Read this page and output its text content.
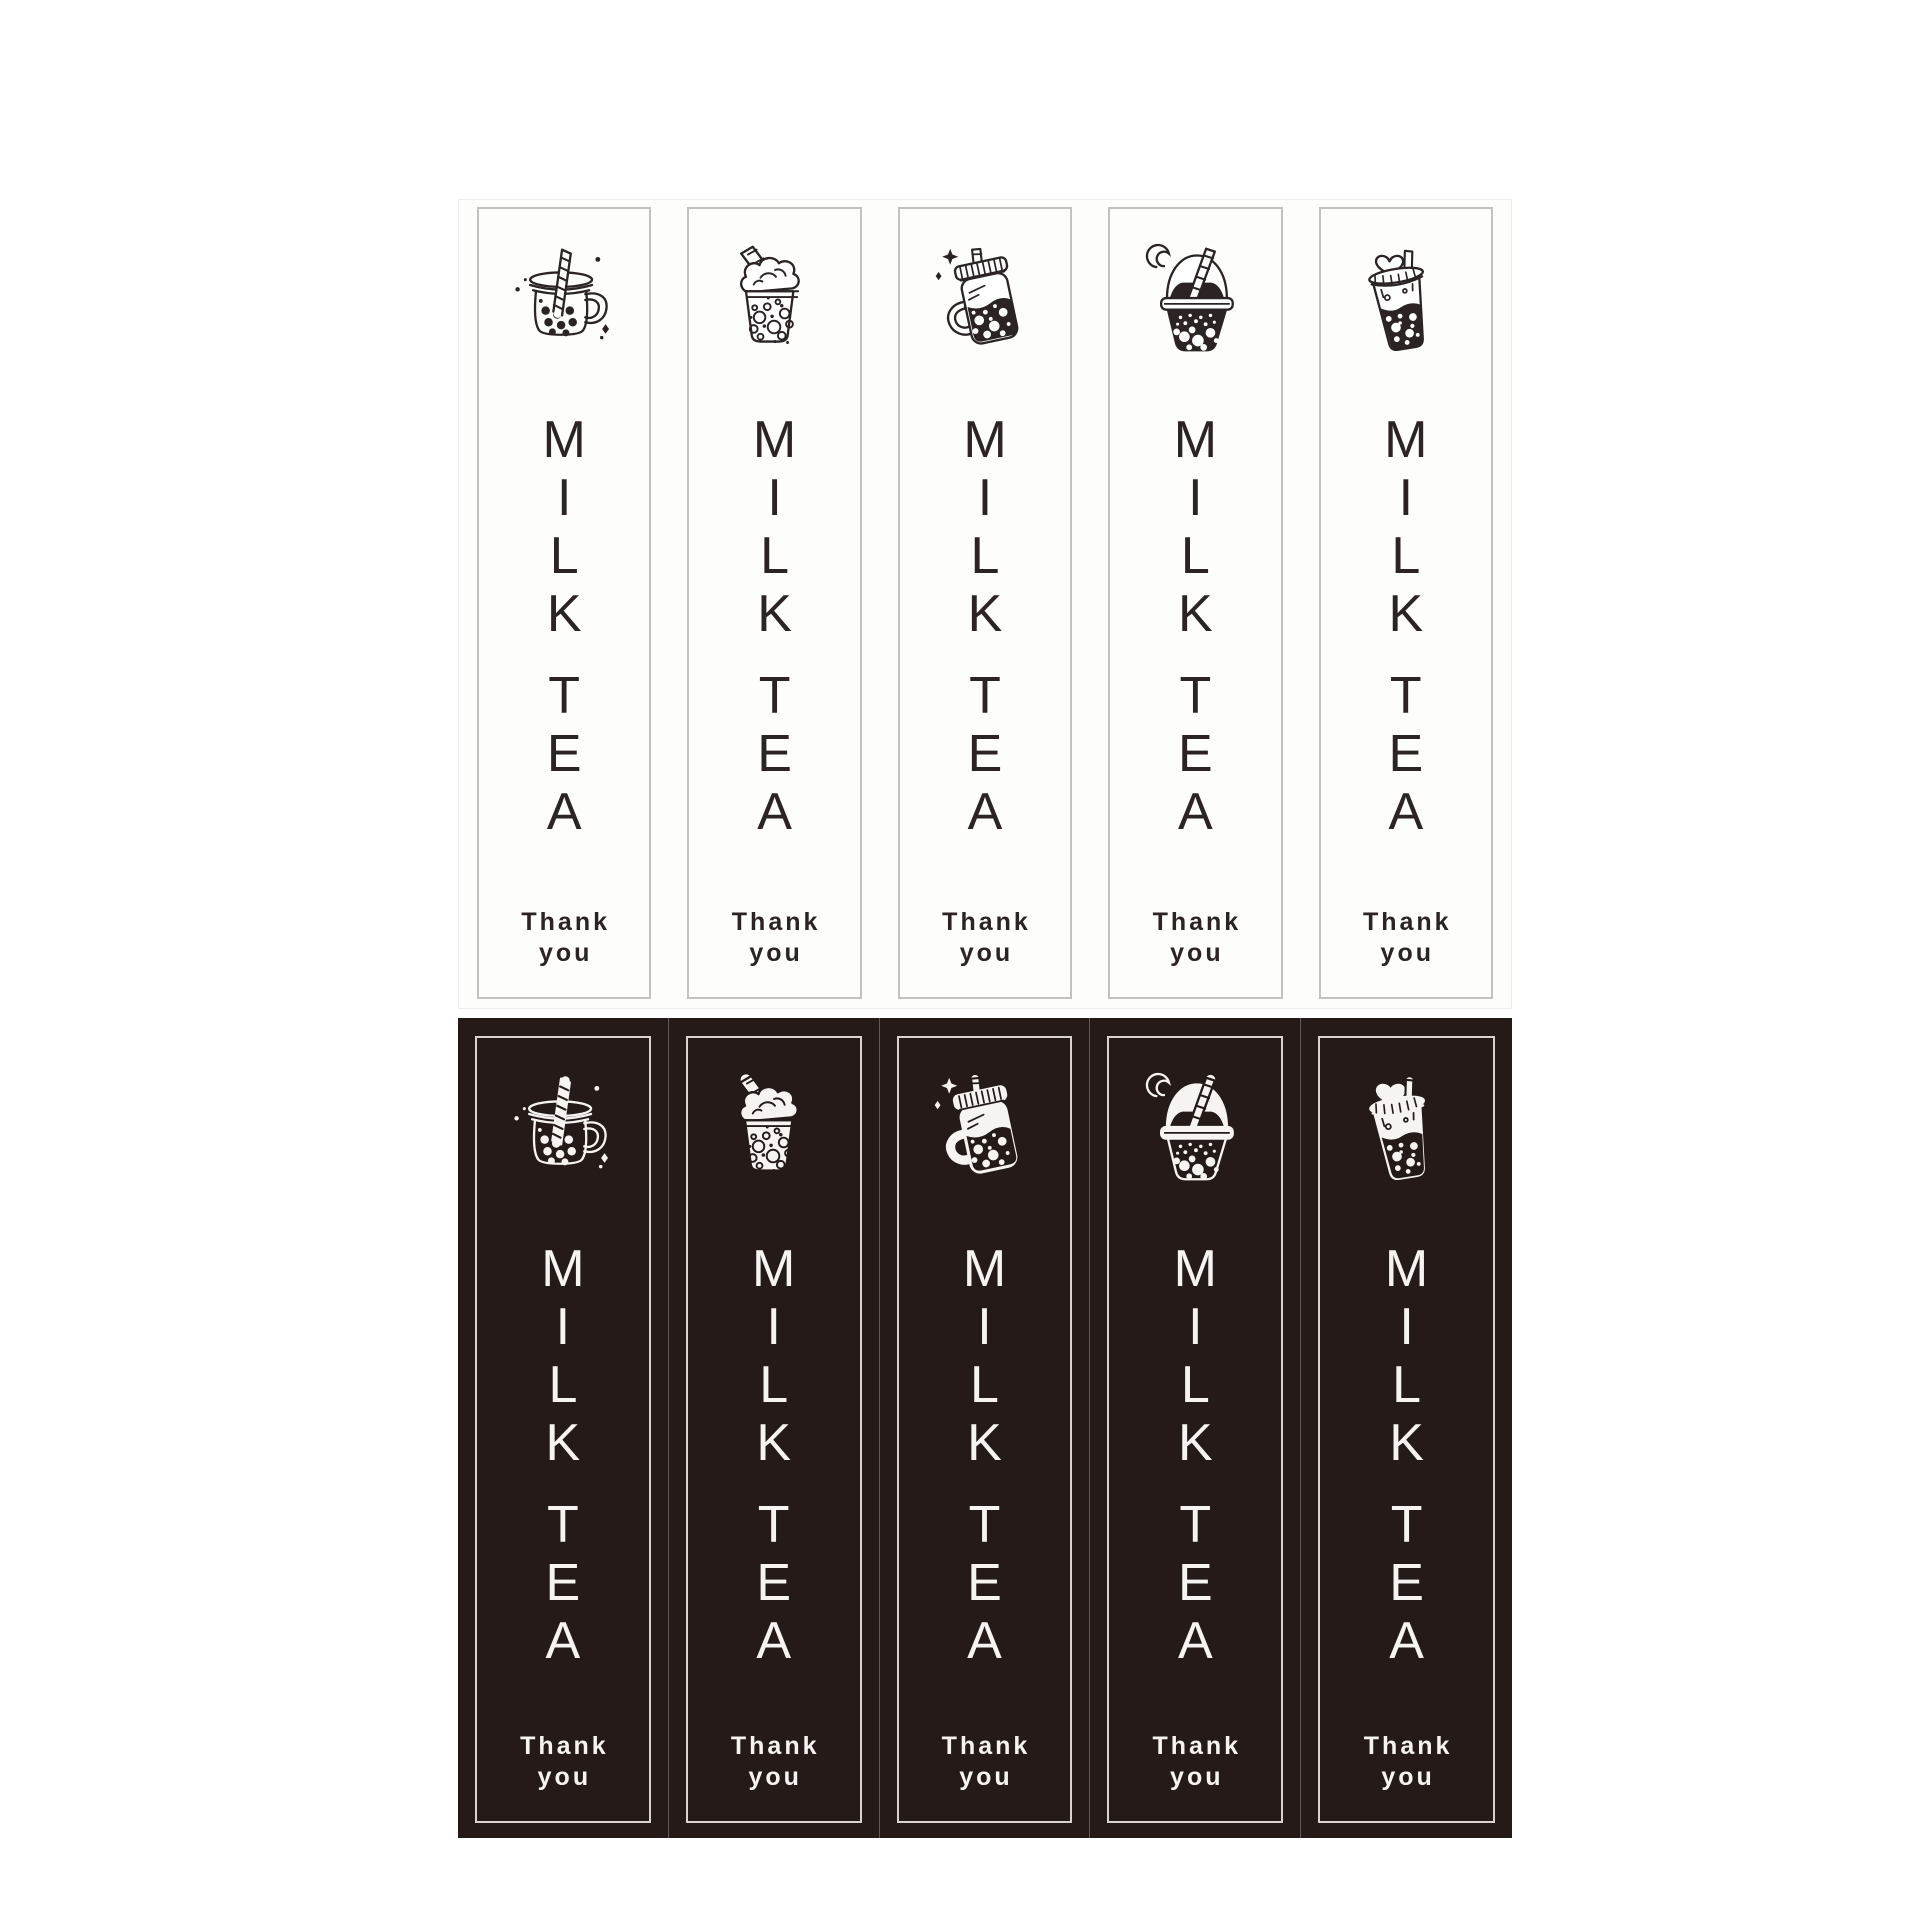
M
I
L
K
T
E
A
Thank
you
M
I
L
K
T
E
A
Thank
you
M
I
L
K
T
E
A
Thank
you
M
I
L
K
T
E
A
Thank
you
M
I
L
K
T
E
A
Thank
you
M
I
L
K
T
E
A
Thank
you
M
I
L
K
T
E
A
Thank
you
M
I
L
K
T
E
A
Thank
you
M
I
L
K
T
E
A
Thank
you
M
I
L
K
T
E
A
Thank
you
